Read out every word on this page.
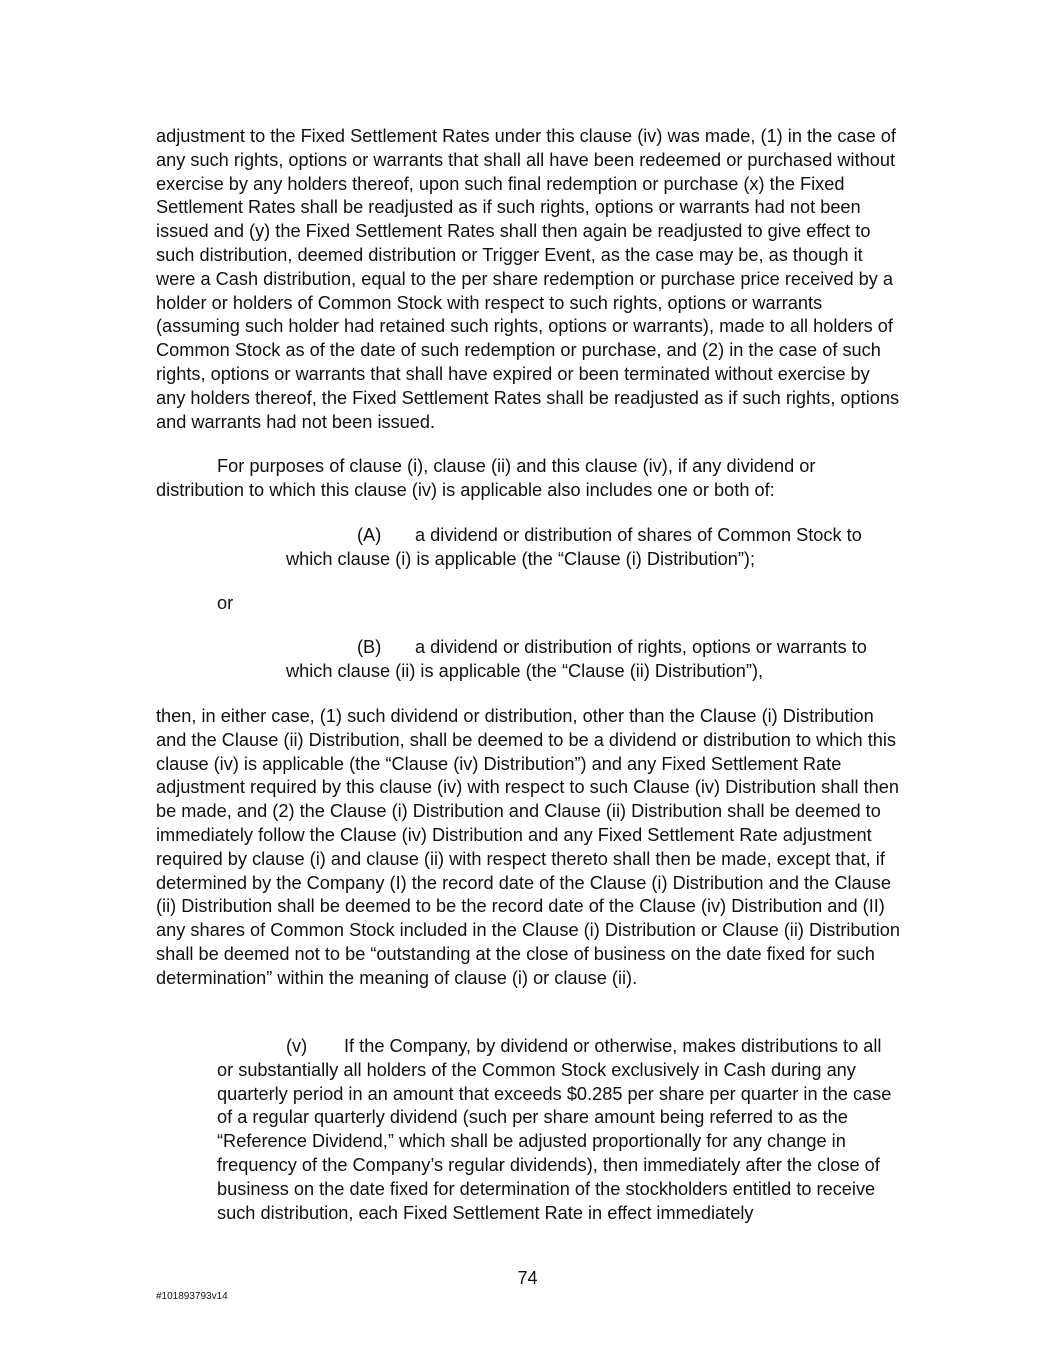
adjustment to the Fixed Settlement Rates under this clause (iv) was made, (1) in the case of any such rights, options or warrants that shall all have been redeemed or purchased without exercise by any holders thereof, upon such final redemption or purchase (x) the Fixed Settlement Rates shall be readjusted as if such rights, options or warrants had not been issued and (y) the Fixed Settlement Rates shall then again be readjusted to give effect to such distribution, deemed distribution or Trigger Event, as the case may be, as though it were a Cash distribution, equal to the per share redemption or purchase price received by a holder or holders of Common Stock with respect to such rights, options or warrants (assuming such holder had retained such rights, options or warrants), made to all holders of Common Stock as of the date of such redemption or purchase, and (2) in the case of such rights, options or warrants that shall have expired or been terminated without exercise by any holders thereof, the Fixed Settlement Rates shall be readjusted as if such rights, options and warrants had not been issued.

For purposes of clause (i), clause (ii) and this clause (iv), if any dividend or distribution to which this clause (iv) is applicable also includes one or both of:

(A) a dividend or distribution of shares of Common Stock to which clause (i) is applicable (the “Clause (i) Distribution”);

or

(B) a dividend or distribution of rights, options or warrants to which clause (ii) is applicable (the “Clause (ii) Distribution”),

then, in either case, (1) such dividend or distribution, other than the Clause (i) Distribution and the Clause (ii) Distribution, shall be deemed to be a dividend or distribution to which this clause (iv) is applicable (the “Clause (iv) Distribution”) and any Fixed Settlement Rate adjustment required by this clause (iv) with respect to such Clause (iv) Distribution shall then be made, and (2) the Clause (i) Distribution and Clause (ii) Distribution shall be deemed to immediately follow the Clause (iv) Distribution and any Fixed Settlement Rate adjustment required by clause (i) and clause (ii) with respect thereto shall then be made, except that, if determined by the Company (I) the record date of the Clause (i) Distribution and the Clause (ii) Distribution shall be deemed to be the record date of the Clause (iv) Distribution and (II) any shares of Common Stock included in the Clause (i) Distribution or Clause (ii) Distribution shall be deemed not to be “outstanding at the close of business on the date fixed for such determination” within the meaning of clause (i) or clause (ii).

(v) If the Company, by dividend or otherwise, makes distributions to all or substantially all holders of the Common Stock exclusively in Cash during any quarterly period in an amount that exceeds $0.285 per share per quarter in the case of a regular quarterly dividend (such per share amount being referred to as the “Reference Dividend,” which shall be adjusted proportionally for any change in frequency of the Company’s regular dividends), then immediately after the close of business on the date fixed for determination of the stockholders entitled to receive such distribution, each Fixed Settlement Rate in effect immediately

74
#101893793v14
